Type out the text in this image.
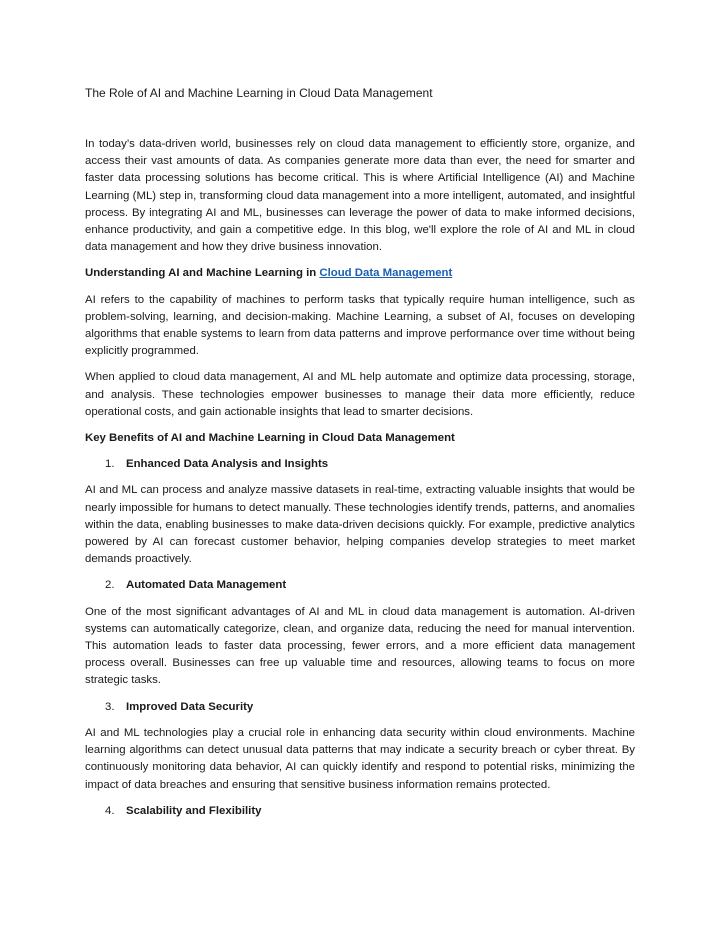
The Role of AI and Machine Learning in Cloud Data Management

In today’s data-driven world, businesses rely on cloud data management to efficiently store, organize, and access their vast amounts of data. As companies generate more data than ever, the need for smarter and faster data processing solutions has become critical. This is where Artificial Intelligence (AI) and Machine Learning (ML) step in, transforming cloud data management into a more intelligent, automated, and insightful process. By integrating AI and ML, businesses can leverage the power of data to make informed decisions, enhance productivity, and gain a competitive edge. In this blog, we'll explore the role of AI and ML in cloud data management and how they drive business innovation.

Understanding AI and Machine Learning in Cloud Data Management

AI refers to the capability of machines to perform tasks that typically require human intelligence, such as problem-solving, learning, and decision-making. Machine Learning, a subset of AI, focuses on developing algorithms that enable systems to learn from data patterns and improve performance over time without being explicitly programmed.

When applied to cloud data management, AI and ML help automate and optimize data processing, storage, and analysis. These technologies empower businesses to manage their data more efficiently, reduce operational costs, and gain actionable insights that lead to smarter decisions.

Key Benefits of AI and Machine Learning in Cloud Data Management
1.	Enhanced Data Analysis and Insights

AI and ML can process and analyze massive datasets in real-time, extracting valuable insights that would be nearly impossible for humans to detect manually. These technologies identify trends, patterns, and anomalies within the data, enabling businesses to make data-driven decisions quickly. For example, predictive analytics powered by AI can forecast customer behavior, helping companies develop strategies to meet market demands proactively.

2.	Automated Data Management

One of the most significant advantages of AI and ML in cloud data management is automation. AI-driven systems can automatically categorize, clean, and organize data, reducing the need for manual intervention. This automation leads to faster data processing, fewer errors, and a more efficient data management process overall. Businesses can free up valuable time and resources, allowing teams to focus on more strategic tasks.

3.	Improved Data Security

AI and ML technologies play a crucial role in enhancing data security within cloud environments. Machine learning algorithms can detect unusual data patterns that may indicate a security breach or cyber threat. By continuously monitoring data behavior, AI can quickly identify and respond to potential risks, minimizing the impact of data breaches and ensuring that sensitive business information remains protected.

4.	Scalability and Flexibility
